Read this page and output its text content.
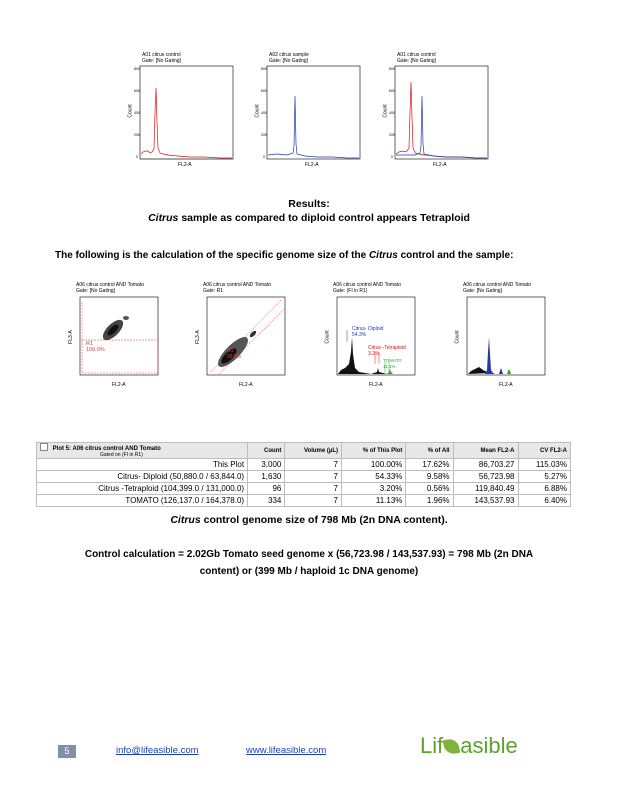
A01 citrus control
Gate: [No Gating]
0
200
400
600
800
FL2-A
Count
A02 citrus sample
Gate: [No Gating]
0
200
400
600
800
FL2-A
Count
A01 citrus control
Gate: [No Gating]
0
200
400
600
800
FL2-A
Count
Results:
Citrus sample as compared to diploid control appears Tetraploid
The following is the calculation of the specific genome size of the Citrus control and the sample:
A06 citrus control AND Tomato
Gate: [No Gating]
R1
100.0%
FL2-A
FL3-A
A06 citrus control AND Tomato
Gate: R1
R1
99.5%
FL2-A
FL3-A
A06 citrus control AND Tomato
Gate: (FI in R1)
Citrus- Diploid
54.3%
Citrus -Tetraploid
3.2%
TOMATO
11.1%
FL2-A
Count
A06 citrus control AND Tomato
Gate: [No Gating]
FL2-A
Count
Plot 5: A06 citrus control AND Tomato
Gated on (FI in R1)	Count	Volume (µL)	% of This Plot	% of All	Mean FL2-A	CV FL2-A
This Plot	3,000	7	100.00%	17.62%	86,703.27	115.03%
Citrus- Diploid (50,880.0 / 63,844.0)	1,630	7	54.33%	9.58%	56,723.98	5.27%
Citrus -Tetraploid (104,399.0 / 131,000.0)	96	7	3.20%	0.56%	119,840.49	6.88%
TOMATO (126,137.0 / 164,378.0)	334	7	11.13%	1.96%	143,537.93	6.40%
Citrus control genome size of 798 Mb (2n DNA content).
Control calculation = 2.02Gb Tomato seed genome x (56,723.98 / 143,537.93) = 798 Mb (2n DNA
content) or (399 Mb / haploid 1c DNA genome)
5	info@lifeasible.com	www.lifeasible.com	Lif asible
